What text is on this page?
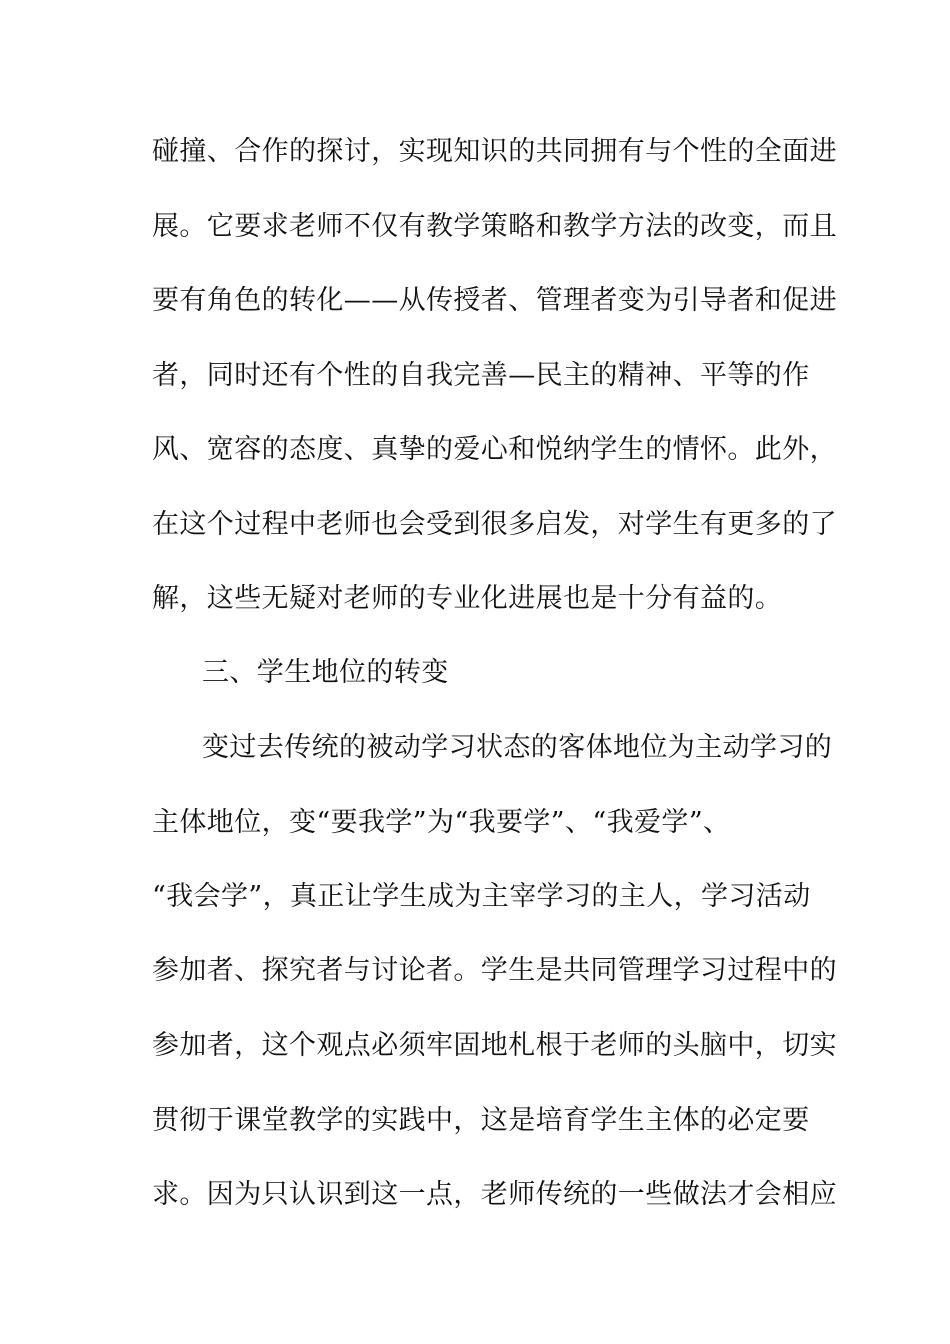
碰撞、合作的探讨，实现知识的共同拥有与个性的全面进
展。它要求老师不仅有教学策略和教学方法的改变，而且
要有角色的转化——从传授者、管理者变为引导者和促进
者，同时还有个性的自我完善—民主的精神、平等的作
风、宽容的态度、真挚的爱心和悦纳学生的情怀。此外，
在这个过程中老师也会受到很多启发，对学生有更多的了
解，这些无疑对老师的专业化进展也是十分有益的。
三、学生地位的转变
变过去传统的被动学习状态的客体地位为主动学习的
主体地位，变“要我学”为“我要学”、“我爱学”、
“我会学”，真正让学生成为主宰学习的主人，学习活动
参加者、探究者与讨论者。学生是共同管理学习过程中的
参加者，这个观点必须牢固地札根于老师的头脑中，切实
贯彻于课堂教学的实践中，这是培育学生主体的必定要
求。因为只认识到这一点，老师传统的一些做法才会相应
